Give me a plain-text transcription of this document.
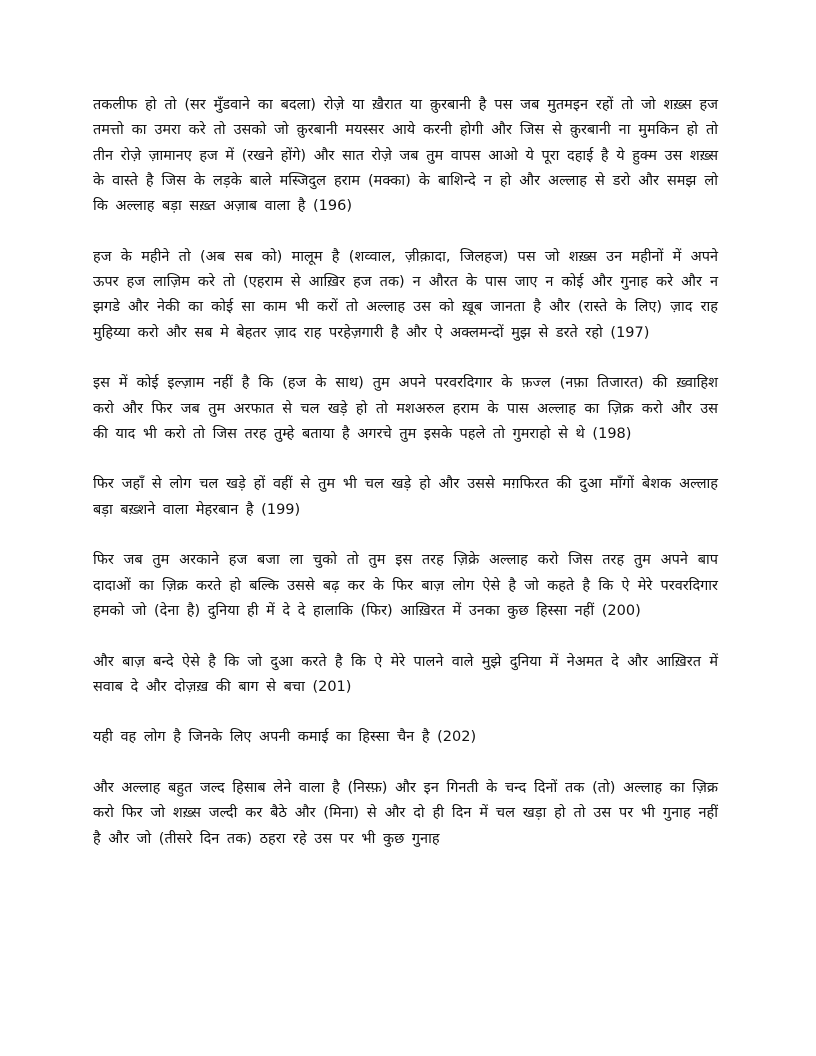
तकलीफ हो तो (सर मुँडवाने का बदला) रोज़े या ख़ैरात या क़ुरबानी है पस जब मुतमइन रहों तो जो शख़्स हज तमत्तो का उमरा करे तो उसको जो क़ुरबानी मयस्सर आये करनी होगी और जिस से क़ुरबानी ना मुमकिन हो तो तीन रोज़े ज़ामानए हज में (रखने होंगे) और सात रोज़े जब तुम वापस आओ ये पूरा दहाई है ये हुक्म उस शख़्स के वास्ते है जिस के लड़के बाले मस्जिदुल हराम (मक्का) के बाशिन्दे न हो और अल्लाह से डरो और समझ लो कि अल्लाह बड़ा सख़्त अज़ाब वाला है (196)

हज के महीने तो (अब सब को) मालूम है (शव्वाल, ज़ीक़ादा, जिलहज) पस जो शख़्स उन महीनों में अपने ऊपर हज लाज़िम करे तो (एहराम से आख़िर हज तक) न औरत के पास जाए न कोई और गुनाह करे और न झगडे और नेकी का कोई सा काम भी करों तो अल्लाह उस को ख़ूब जानता है और (रास्ते के लिए) ज़ाद राह मुहिय्या करो और सब मे बेहतर ज़ाद राह परहेज़गारी है और ऐ अक्लमन्दों मुझ से डरते रहो (197)

इस में कोई इल्ज़ाम नहीं है कि (हज के साथ) तुम अपने परवरदिगार के फ़ज्ल (नफ़ा तिजारत) की ख़्वाहिश करो और फिर जब तुम अरफात से चल खड़े हो तो मशअरुल हराम के पास अल्लाह का ज़िक्र करो और उस की याद भी करो तो जिस तरह तुम्हे बताया है अगरचे तुम इसके पहले तो गुमराहो से थे (198)

फिर जहाँ से लोग चल खड़े हों वहीं से तुम भी चल खड़े हो और उससे मग़फिरत की दुआ माँगों बेशक अल्लाह बड़ा बख़्शने वाला मेहरबान है (199)

फिर जब तुम अरकाने हज बजा ला चुको तो तुम इस तरह ज़िक्रे अल्लाह करो जिस तरह तुम अपने बाप दादाओं का ज़िक्र करते हो बल्कि उससे बढ़ कर के फिर बाज़ लोग ऐसे है जो कहते है कि ऐ मेरे परवरदिगार हमको जो (देना है) दुनिया ही में दे दे हालाकि (फिर) आख़िरत में उनका कुछ हिस्सा नहीं (200)

और बाज़ बन्दे ऐसे है कि जो दुआ करते है कि ऐ मेरे पालने वाले मुझे दुनिया में नेअमत दे और आख़िरत में सवाब दे और दोज़ख़ की बाग से बचा (201)

यही वह लोग है जिनके लिए अपनी कमाई का हिस्सा चैन है (202)

और अल्लाह बहुत जल्द हिसाब लेने वाला है (निस्फ़) और इन गिनती के चन्द दिनों तक (तो) अल्लाह का ज़िक्र करो फिर जो शख़्स जल्दी कर बैठे और (मिना) से और दो ही दिन में चल खड़ा हो तो उस पर भी गुनाह नहीं है और जो (तीसरे दिन तक) ठहरा रहे उस पर भी कुछ गुनाह
